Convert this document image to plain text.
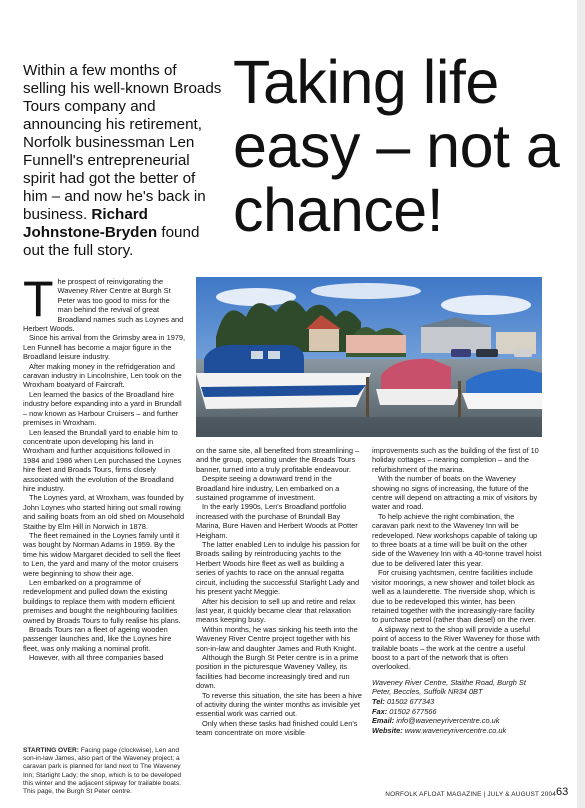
Within a few months of selling his well-known Broads Tours company and announcing his retirement, Norfolk businessman Len Funnell's entrepreneurial spirit had got the better of him – and now he's back in business. Richard Johnstone-Bryden found out the full story.
Taking life easy – not a chance!
T he prospect of reinvigorating the Waveney River Centre at Burgh St Peter was too good to miss for the man behind the revival of great Broadland names such as Loynes and Herbert Woods.

Since his arrival from the Grimsby area in 1979, Len Funnell has become a major figure in the Broadland leisure industry.

After making money in the refridgeration and caravan industry in Lincolnshire, Len took on the Wroxham boatyard of Faircraft.

Len learned the basics of the Broadland hire industry before expanding into a yard in Brundall – now known as Harbour Cruisers – and further premises in Wroxham.

Len leased the Brundall yard to enable him to concentrate upon developing his land in Wroxham and further acquisitions followed in 1984 and 1986 when Len purchased the Loynes hire fleet and Broads Tours, firms closely associated with the evolution of the Broadland hire industry.

The Loynes yard, at Wroxham, was founded by John Loynes who started hiring out small rowing and sailing boats from an old shed on Mousehold Staithe by Elm Hill in Norwich in 1878.

The fleet remained in the Loynes family until it was bought by Norman Adams in 1959. By the time his widow Margaret decided to sell the fleet to Len, the yard and many of the motor cruisers were beginning to show their age.

Len embarked on a programme of redevelopment and pulled down the existing buildings to replace them with modern efficient premises and bought the neighbouring facilities owned by Broads Tours to fully realise his plans.

Broads Tours ran a fleet of ageing wooden passenger launches and, like the Loynes hire fleet, was only making a nominal profit.

However, with all three companies based

STARTING OVER: Facing page (clockwise), Len and son-in-law James, also part of the Waveney project; a caravan park is planned for land next to The Waveney Inn; Starlight Lady; the shop, which is to be developed this winter and the adjacent slipway for trailable boats. This page, the Burgh St Peter centre.

on the same site, all benefited from streamlining – and the group, operating under the Broads Tours banner, turned into a truly profitable endeavour.

Despite seeing a downward trend in the Broadland hire industry, Len embarked on a sustained programme of investment.

In the early 1990s, Len's Broadland portfolio increased with the purchase of Brundall Bay Marina, Bure Haven and Herbert Woods at Potter Heigham.

The latter enabled Len to indulge his passion for Broads sailing by reintroducing yachts to the Herbert Woods hire fleet as well as building a series of yachts to race on the annual regatta circuit, including the successful Starlight Lady and his present yacht Meggie.

After his decision to sell up and retire and relax last year, it quickly became clear that relaxation means keeping busy.

Within months, he was sinking his teeth into the Waveney River Centre project together with his son-in-law and daughter James and Ruth Knight.

Although the Burgh St Peter centre is in a prime position in the picturesque Waveney Valley, its facilities had become increasingly tired and run down.

To reverse this situation, the site has been a hive of activity during the winter months as invisible yet essential work was carried out.

Only when these tasks had finished could Len's team concentrate on more visible

improvements such as the building of the first of 10 holiday cottages – nearing completion – and the refurbishment of the marina.

With the number of boats on the Waveney showing no signs of increasing, the future of the centre will depend on attracting a mix of visitors by water and road.

To help achieve the right combination, the caravan park next to the Waveney Inn will be redeveloped. New workshops capable of taking up to three boats at a time will be built on the other side of the Waveney Inn with a 40-tonne travel hoist due to be delivered later this year.

For cruising yachtsmen, centre facilities include visitor moorings, a new shower and toilet block as well as a launderette. The riverside shop, which is due to be redeveloped this winter, has been retained together with the increasingly-rare facility to purchase petrol (rather than diesel) on the river.

A slipway next to the shop will provide a useful point of access to the River Waveney for those with trailable boats – the work at the centre a useful boost to a part of the network that is often overlooked.

Waveney River Centre, Staithe Road, Burgh St Peter, Beccles, Suffolk NR34 0BT
Tel: 01502 677343
Fax: 01502 677566
Email: info@waveneyrivercentre.co.uk
Website: www.waveneyrivercentre.co.uk
NORFOLK AFLOAT MAGAZINE | JULY & AUGUST 2004 63
